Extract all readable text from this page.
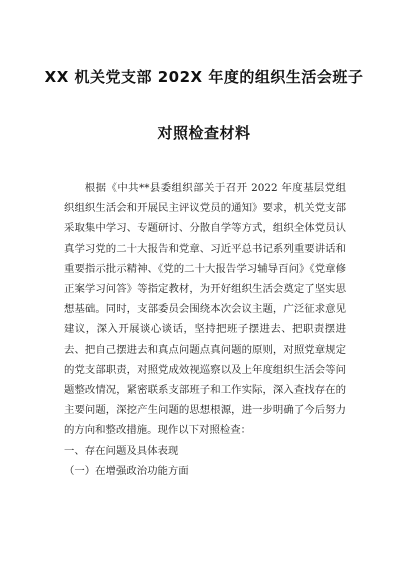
XX 机关党支部 202X 年度的组织生活会班子
对照检查材料

根据《中共**县委组织部关于召开 2022 年度基层党组织组织生活会和开展民主评议党员的通知》要求，机关党支部采取集中学习、专题研讨、分散自学等方式，组织全体党员认真学习党的二十大报告和党章、习近平总书记系列重要讲话和重要指示批示精神、《党的二十大报告学习辅导百问》《党章修正案学习问答》等指定教材，为开好组织生活会奠定了坚实思想基础。同时，支部委员会围绕本次会议主题，广泛征求意见建议，深入开展谈心谈话，坚持把班子摆进去、把职责摆进去、把自己摆进去和真点问题点真问题的原则，对照党章规定的党支部职责，对照党成效视巡察以及上年度组织生活会等问题整改情况，紧密联系支部班子和工作实际，深入查找存在的主要问题，深挖产生问题的思想根源，进一步明确了今后努力的方向和整改措施。现作以下对照检查：

一、存在问题及具体表现

（一）在增强政治功能方面
